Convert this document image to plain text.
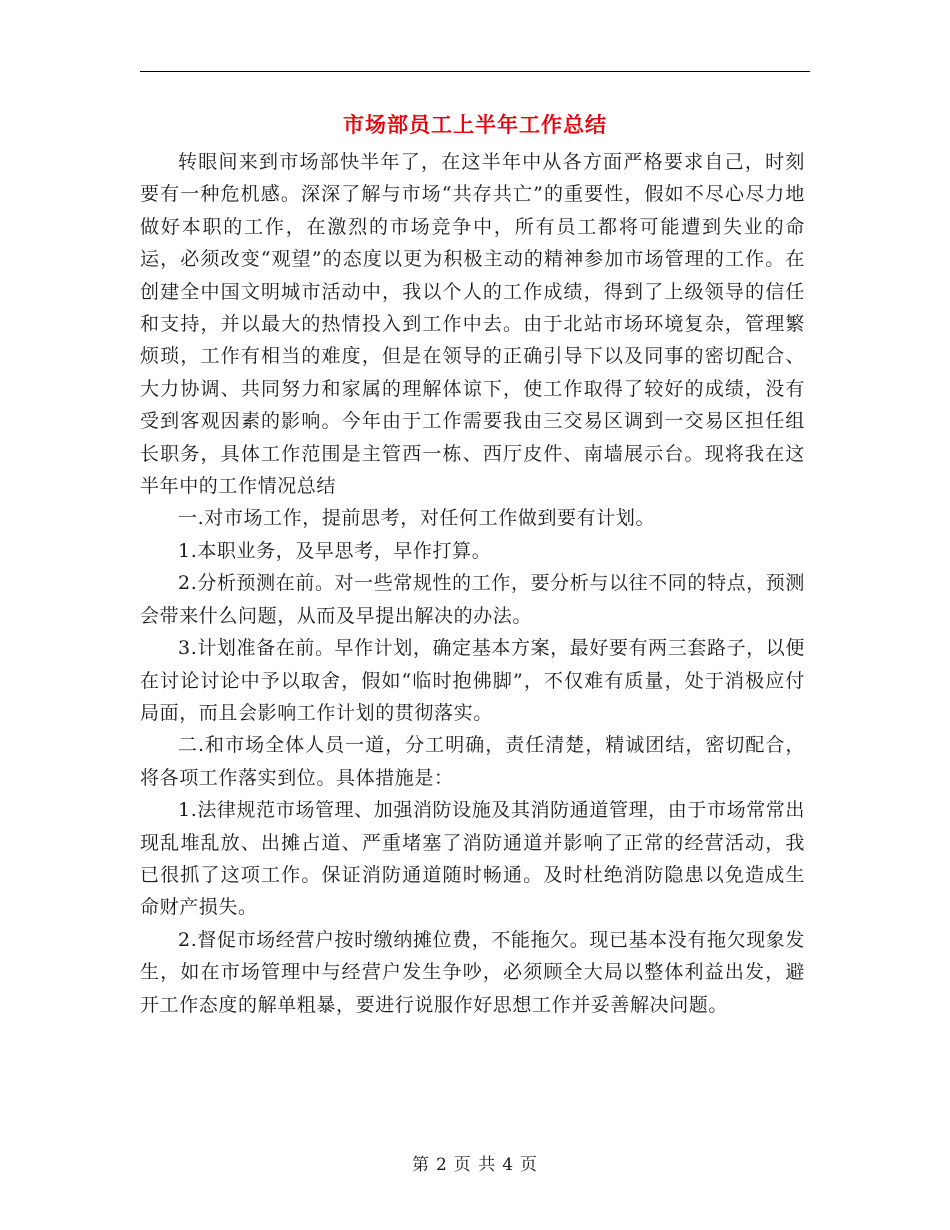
市场部员工上半年工作总结

转眼间来到市场部快半年了，在这半年中从各方面严格要求自己，时刻要有一种危机感。深深了解与市场“共存共亡”的重要性，假如不尽心尽力地做好本职的工作，在激烈的市场竞争中，所有员工都将可能遭到失业的命运，必须改变“观望”的态度以更为积极主动的精神参加市场管理的工作。在创建全中国文明城市活动中，我以个人的工作成绩，得到了上级领导的信任和支持，并以最大的热情投入到工作中去。由于北站市场环境复杂，管理繁烦琐，工作有相当的难度，但是在领导的正确引导下以及同事的密切配合、大力协调、共同努力和家属的理解体谅下，使工作取得了较好的成绩，没有受到客观因素的影响。今年由于工作需要我由三交易区调到一交易区担任组长职务，具体工作范围是主管西一栋、西厅皮件、南墙展示台。现将我在这半年中的工作情况总结

一.对市场工作，提前思考，对任何工作做到要有计划。

1.本职业务，及早思考，早作打算。

2.分析预测在前。对一些常规性的工作，要分析与以往不同的特点，预测会带来什么问题，从而及早提出解决的办法。

3.计划准备在前。早作计划，确定基本方案，最好要有两三套路子，以便在讨论讨论中予以取舍，假如“临时抱佛脚”，不仅难有质量，处于消极应付局面，而且会影响工作计划的贯彻落实。

二.和市场全体人员一道，分工明确，责任清楚，精诚团结，密切配合，将各项工作落实到位。具体措施是：

1.法律规范市场管理、加强消防设施及其消防通道管理，由于市场常常出现乱堆乱放、出摊占道、严重堵塞了消防通道并影响了正常的经营活动，我已很抓了这项工作。保证消防通道随时畅通。及时杜绝消防隐患以免造成生命财产损失。

2.督促市场经营户按时缴纳摊位费，不能拖欠。现已基本没有拖欠现象发生，如在市场管理中与经营户发生争吵，必须顾全大局以整体利益出发，避开工作态度的解单粗暴，要进行说服作好思想工作并妥善解决问题。

第 2 页 共 4 页
